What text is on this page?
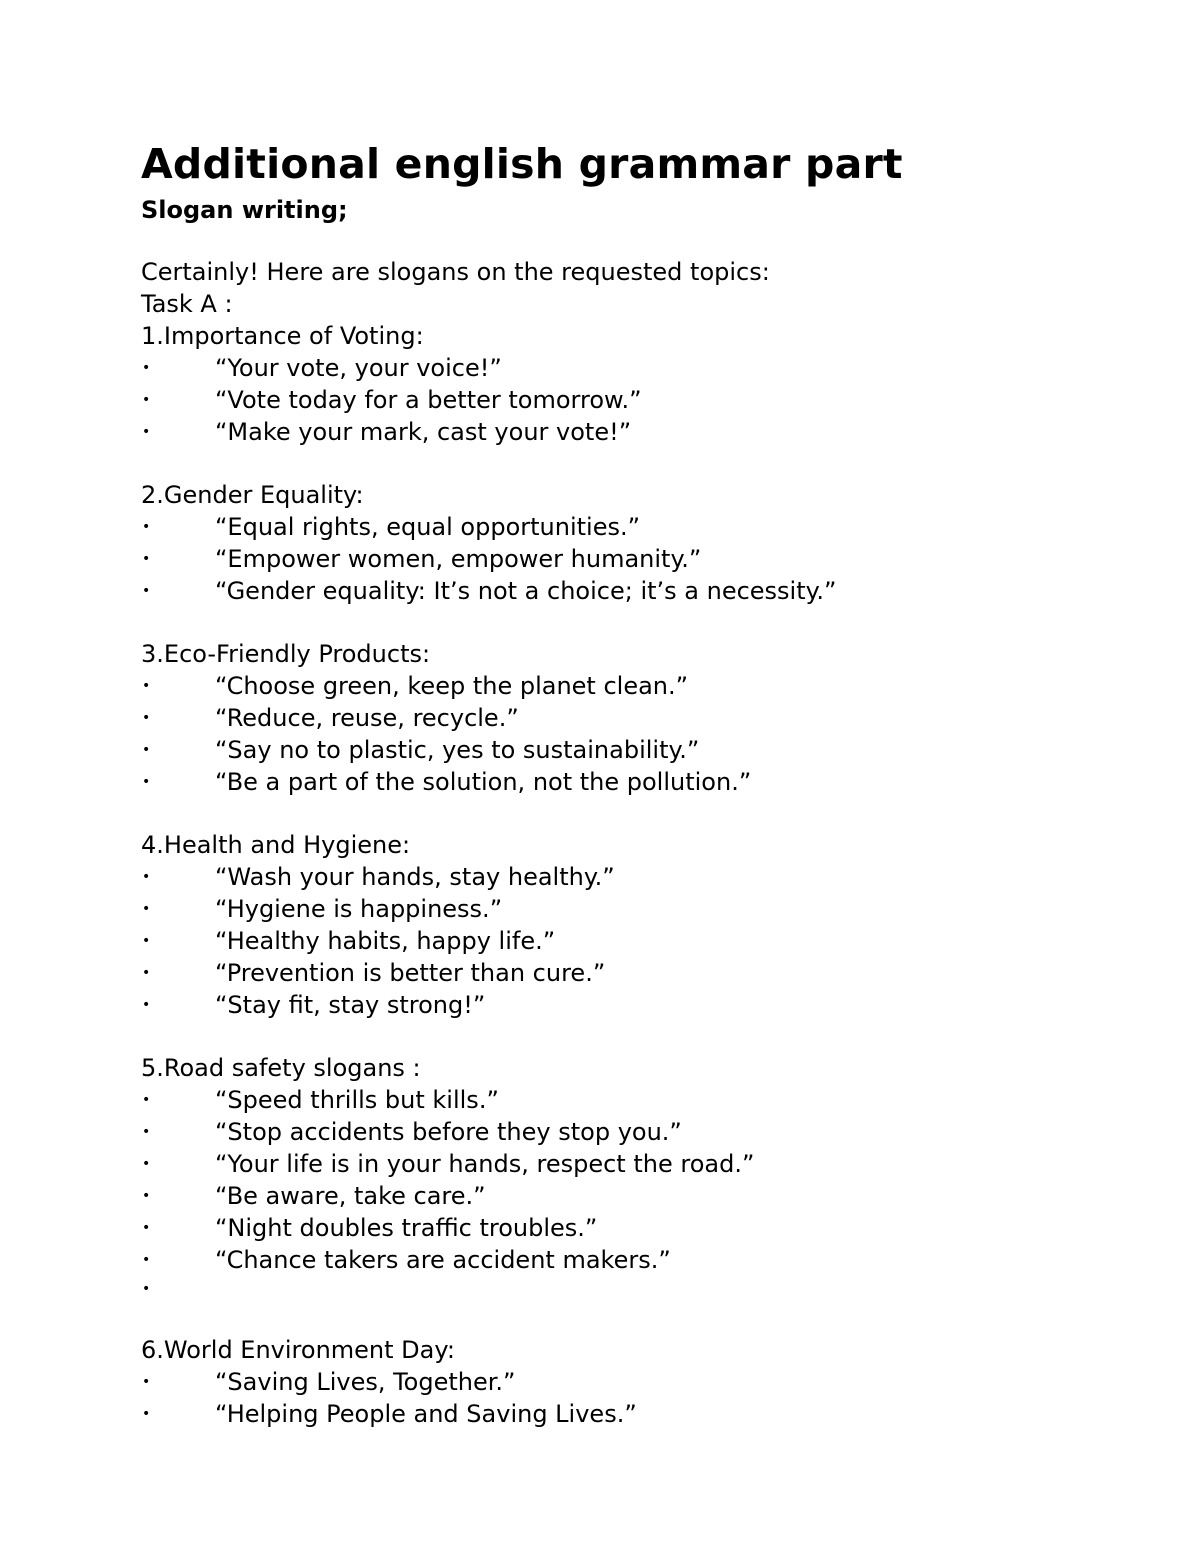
Additional english grammar part
Slogan writing;
Certainly! Here are slogans on the requested topics:
Task A :
1.Importance of Voting:
•	“Your vote, your voice!”
•	“Vote today for a better tomorrow.”
•	“Make your mark, cast your vote!”
2.Gender Equality:
•	“Equal rights, equal opportunities.”
•	“Empower women, empower humanity.”
•	“Gender equality: It’s not a choice; it’s a necessity.”
3.Eco-Friendly Products:
•	“Choose green, keep the planet clean.”
•	“Reduce, reuse, recycle.”
•	“Say no to plastic, yes to sustainability.”
•	“Be a part of the solution, not the pollution.”
4.Health and Hygiene:
•	“Wash your hands, stay healthy.”
•	“Hygiene is happiness.”
•	“Healthy habits, happy life.”
•	“Prevention is better than cure.”
•	“Stay fit, stay strong!”
5.Road safety slogans :
•	“Speed thrills but kills.”
•	“Stop accidents before they stop you.”
•	“Your life is in your hands, respect the road.”
•	“Be aware, take care.”
•	“Night doubles traffic troubles.”
•	“Chance takers are accident makers.”
•
6.World Environment Day:
•	“Saving Lives, Together.”
•	“Helping People and Saving Lives.”
